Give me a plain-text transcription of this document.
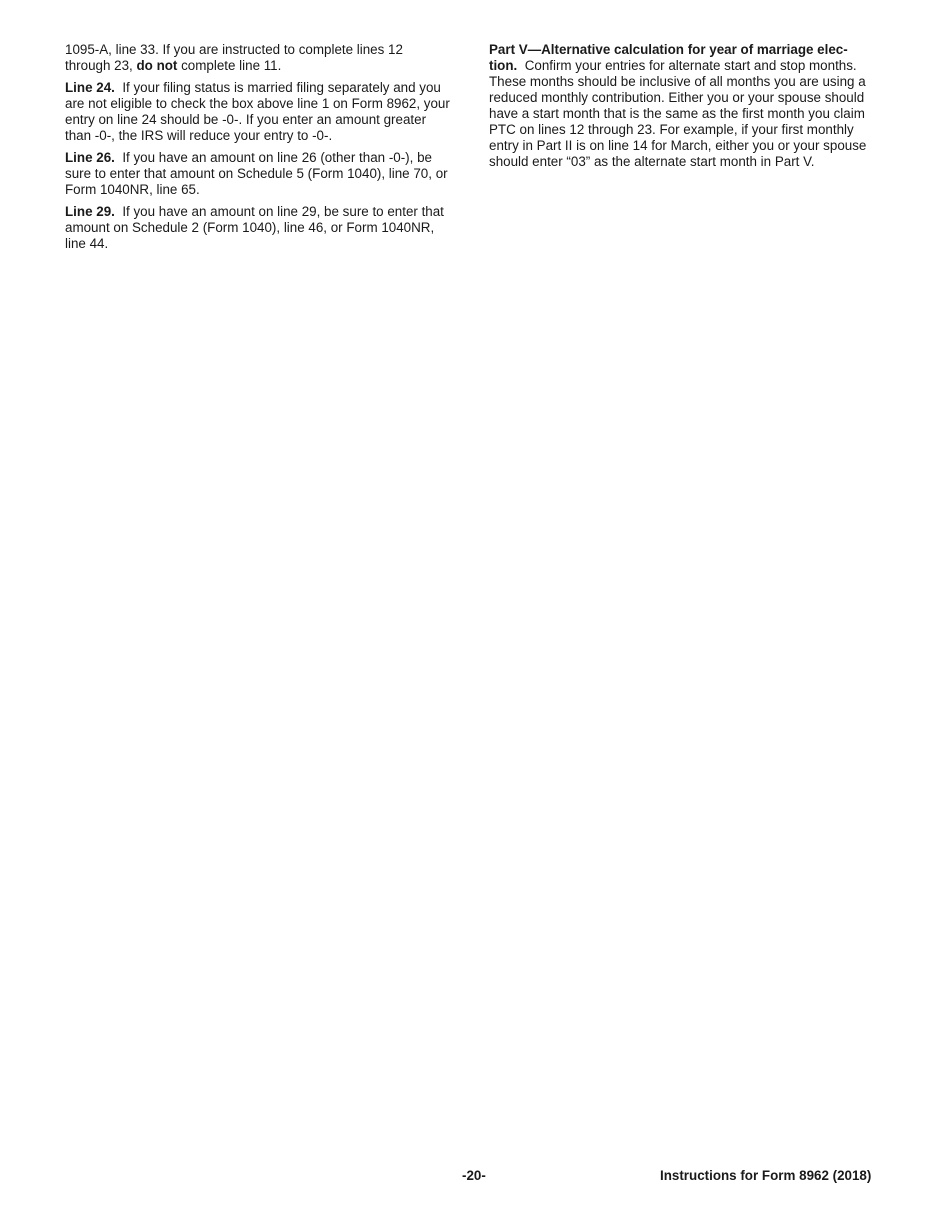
1095-A, line 33. If you are instructed to complete lines 12
through 23, do not complete line 11.

Line 24.  If your filing status is married filing separately and you
are not eligible to check the box above line 1 on Form 8962, your
entry on line 24 should be -0-. If you enter an amount greater
than -0-, the IRS will reduce your entry to -0-.

Line 26.  If you have an amount on line 26 (other than -0-), be
sure to enter that amount on Schedule 5 (Form 1040), line 70, or
Form 1040NR, line 65.

Line 29.  If you have an amount on line 29, be sure to enter that
amount on Schedule 2 (Form 1040), line 46, or Form 1040NR,
line 44.

Part V—Alternative calculation for year of marriage elec-
tion.  Confirm your entries for alternate start and stop months.
These months should be inclusive of all months you are using a
reduced monthly contribution. Either you or your spouse should
have a start month that is the same as the first month you claim
PTC on lines 12 through 23. For example, if your first monthly
entry in Part II is on line 14 for March, either you or your spouse
should enter “03” as the alternate start month in Part V.

-20-	Instructions for Form 8962 (2018)
